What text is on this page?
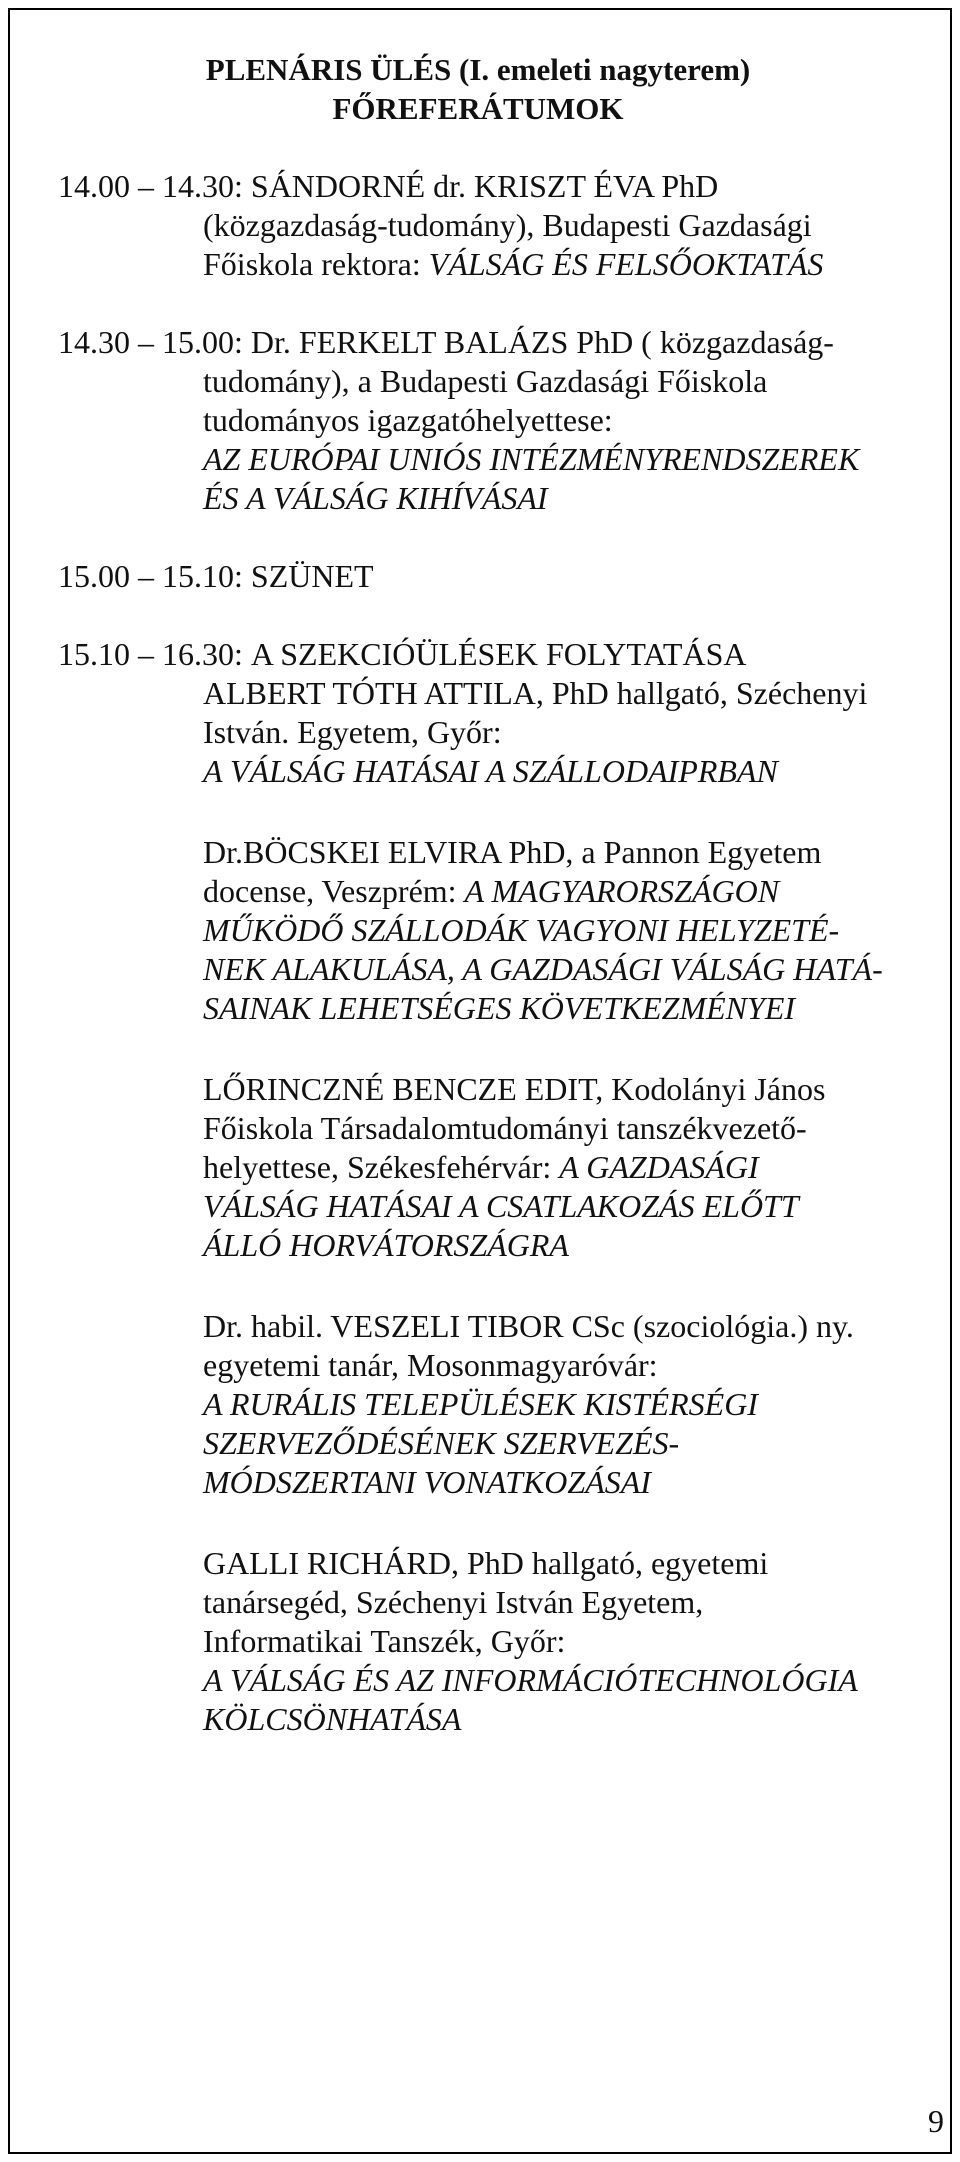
PLENÁRIS ÜLÉS (I. emeleti nagyterem)
FŐREFERÁTUMOK
14.00 – 14.30: SÁNDORNÉ dr. KRISZT ÉVA PhD
(közgazdaság-tudomány), Budapesti Gazdasági
Főiskola rektora: VÁLSÁG ÉS FELSŐOKTATÁS
14.30 – 15.00: Dr. FERKELT BALÁZS PhD ( közgazdaság-
tudomány), a Budapesti Gazdasági Főiskola
tudományos igazgatóhelyettese:
AZ EURÓPAI UNIÓS INTÉZMÉNYRENDSZEREK
ÉS A VÁLSÁG KIHÍVÁSAI
15.00 – 15.10: SZÜNET
15.10 – 16.30: A SZEKCIÓÜLÉSEK FOLYTATÁSA
ALBERT TÓTH ATTILA, PhD hallgató, Széchenyi
István. Egyetem, Győr:
A VÁLSÁG HATÁSAI A SZÁLLODAIPRBAN
Dr.BÖCSKEI ELVIRA PhD, a Pannon Egyetem
docense, Veszprém: A MAGYARORSZÁGON
MŰKÖDŐ SZÁLLODÁK VAGYONI HELYZETÉ-
NEK ALAKULÁSA, A GAZDASÁGI VÁLSÁG HATÁ-
SAINAK LEHETSÉGES KÖVETKEZMÉNYEI
LŐRINCZNÉ BENCZE EDIT, Kodolányi János
Főiskola Társadalomtudományi tanszékvezető-
helyettese, Székesfehérvár: A GAZDASÁGI
VÁLSÁG HATÁSAI A CSATLAKOZÁS ELŐTT
ÁLLÓ HORVÁTORSZÁGRA
Dr. habil. VESZELI TIBOR CSc (szociológia.) ny.
egyetemi tanár, Mosonmagyaróvár:
A RURÁLIS TELEPÜLÉSEK KISTÉRSÉGI
SZERVEZŐDÉSÉNEK SZERVEZÉS-
MÓDSZERTANI VONATKOZÁSAI
GALLI RICHÁRD, PhD hallgató, egyetemi
tanársegéd, Széchenyi István Egyetem,
Informatikai Tanszék, Győr:
A VÁLSÁG ÉS AZ INFORMÁCIÓTECHNOLÓGIA
KÖLCSÖNHATÁSA
9
